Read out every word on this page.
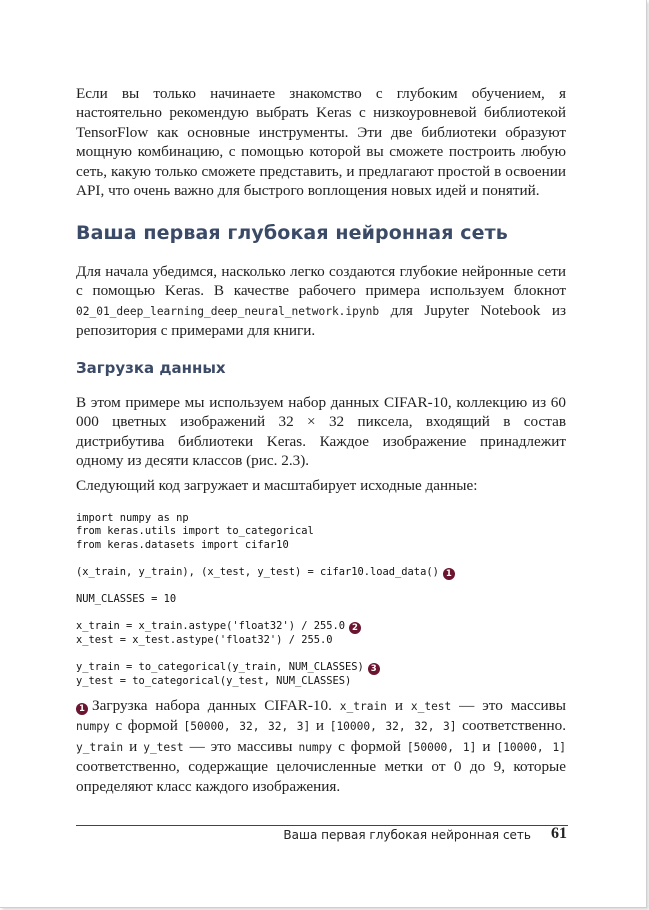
Если вы только начинаете знакомство с глубоким обучением, я настоятельно рекомендую выбрать Keras с низкоуровневой библиотекой TensorFlow как основные инструменты. Эти две библиотеки образуют мощную комбинацию, с помощью которой вы сможете построить любую сеть, какую только сможете представить, и предлагают простой в освоении API, что очень важно для быстрого воплощения новых идей и понятий.

Ваша первая глубокая нейронная сеть

Для начала убедимся, насколько легко создаются глубокие нейронные сети с помощью Keras. В качестве рабочего примера используем блокнот 02_01_deep_learning_deep_neural_network.ipynb для Jupyter Notebook из репозитория с примерами для книги.

Загрузка данных

В этом примере мы используем набор данных CIFAR-10, коллекцию из 60 000 цветных изображений 32 × 32 пиксела, входящий в состав дистрибутива библиотеки Keras. Каждое изображение принадлежит одному из десяти классов (рис. 2.3).

Следующий код загружает и масштабирует исходные данные:

import numpy as np
from keras.utils import to_categorical
from keras.datasets import cifar10
(x_train, y_train), (x_test, y_test) = cifar10.load_data() 1
NUM_CLASSES = 10
x_train = x_train.astype('float32') / 255.0 2
x_test = x_test.astype('float32') / 255.0
y_train = to_categorical(y_train, NUM_CLASSES) 3
y_test = to_categorical(y_test, NUM_CLASSES)

1 Загрузка набора данных CIFAR-10. x_train и x_test — это массивы numpy с формой [50000, 32, 32, 3] и [10000, 32, 32, 3] соответственно. y_train и y_test — это массивы numpy с формой [50000, 1] и [10000, 1] соответственно, содержащие целочисленные метки от 0 до 9, которые определяют класс каждого изображения.

Ваша первая глубокая нейронная сеть 61
